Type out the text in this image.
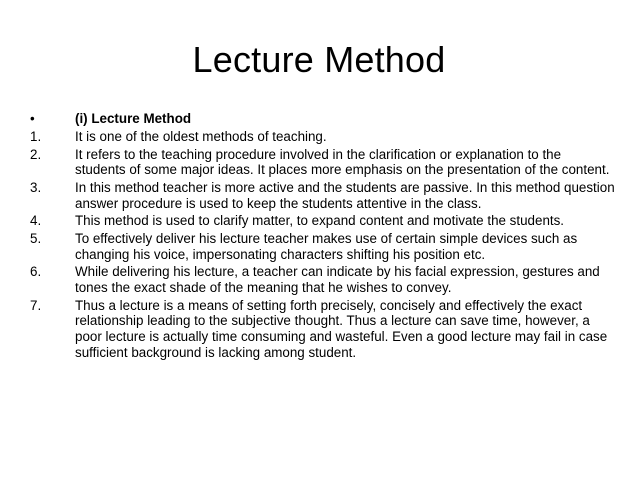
Lecture Method
•	(i) Lecture Method
1.	It is one of the oldest methods of teaching.
2.	It refers to the teaching procedure involved in the clarification or explanation to the students of some major ideas. It places more emphasis on the presentation of the content.
3.	In this method teacher is more active and the students are passive. In this method question answer procedure is used to keep the students attentive in the class.
4.	This method is used to clarify matter, to expand content and motivate the students.
5.	To effectively deliver his lecture teacher makes use of certain simple devices such as changing his voice, impersonating characters shifting his position etc.
6.	While delivering his lecture, a teacher can indicate by his facial expression, gestures and tones the exact shade of the meaning that he wishes to convey.
7.	Thus a lecture is a means of setting forth precisely, concisely and effectively the exact relationship leading to the subjective thought. Thus a lecture can save time, however, a poor lecture is actually time consuming and wasteful. Even a good lecture may fail in case sufficient background is lacking among student.
